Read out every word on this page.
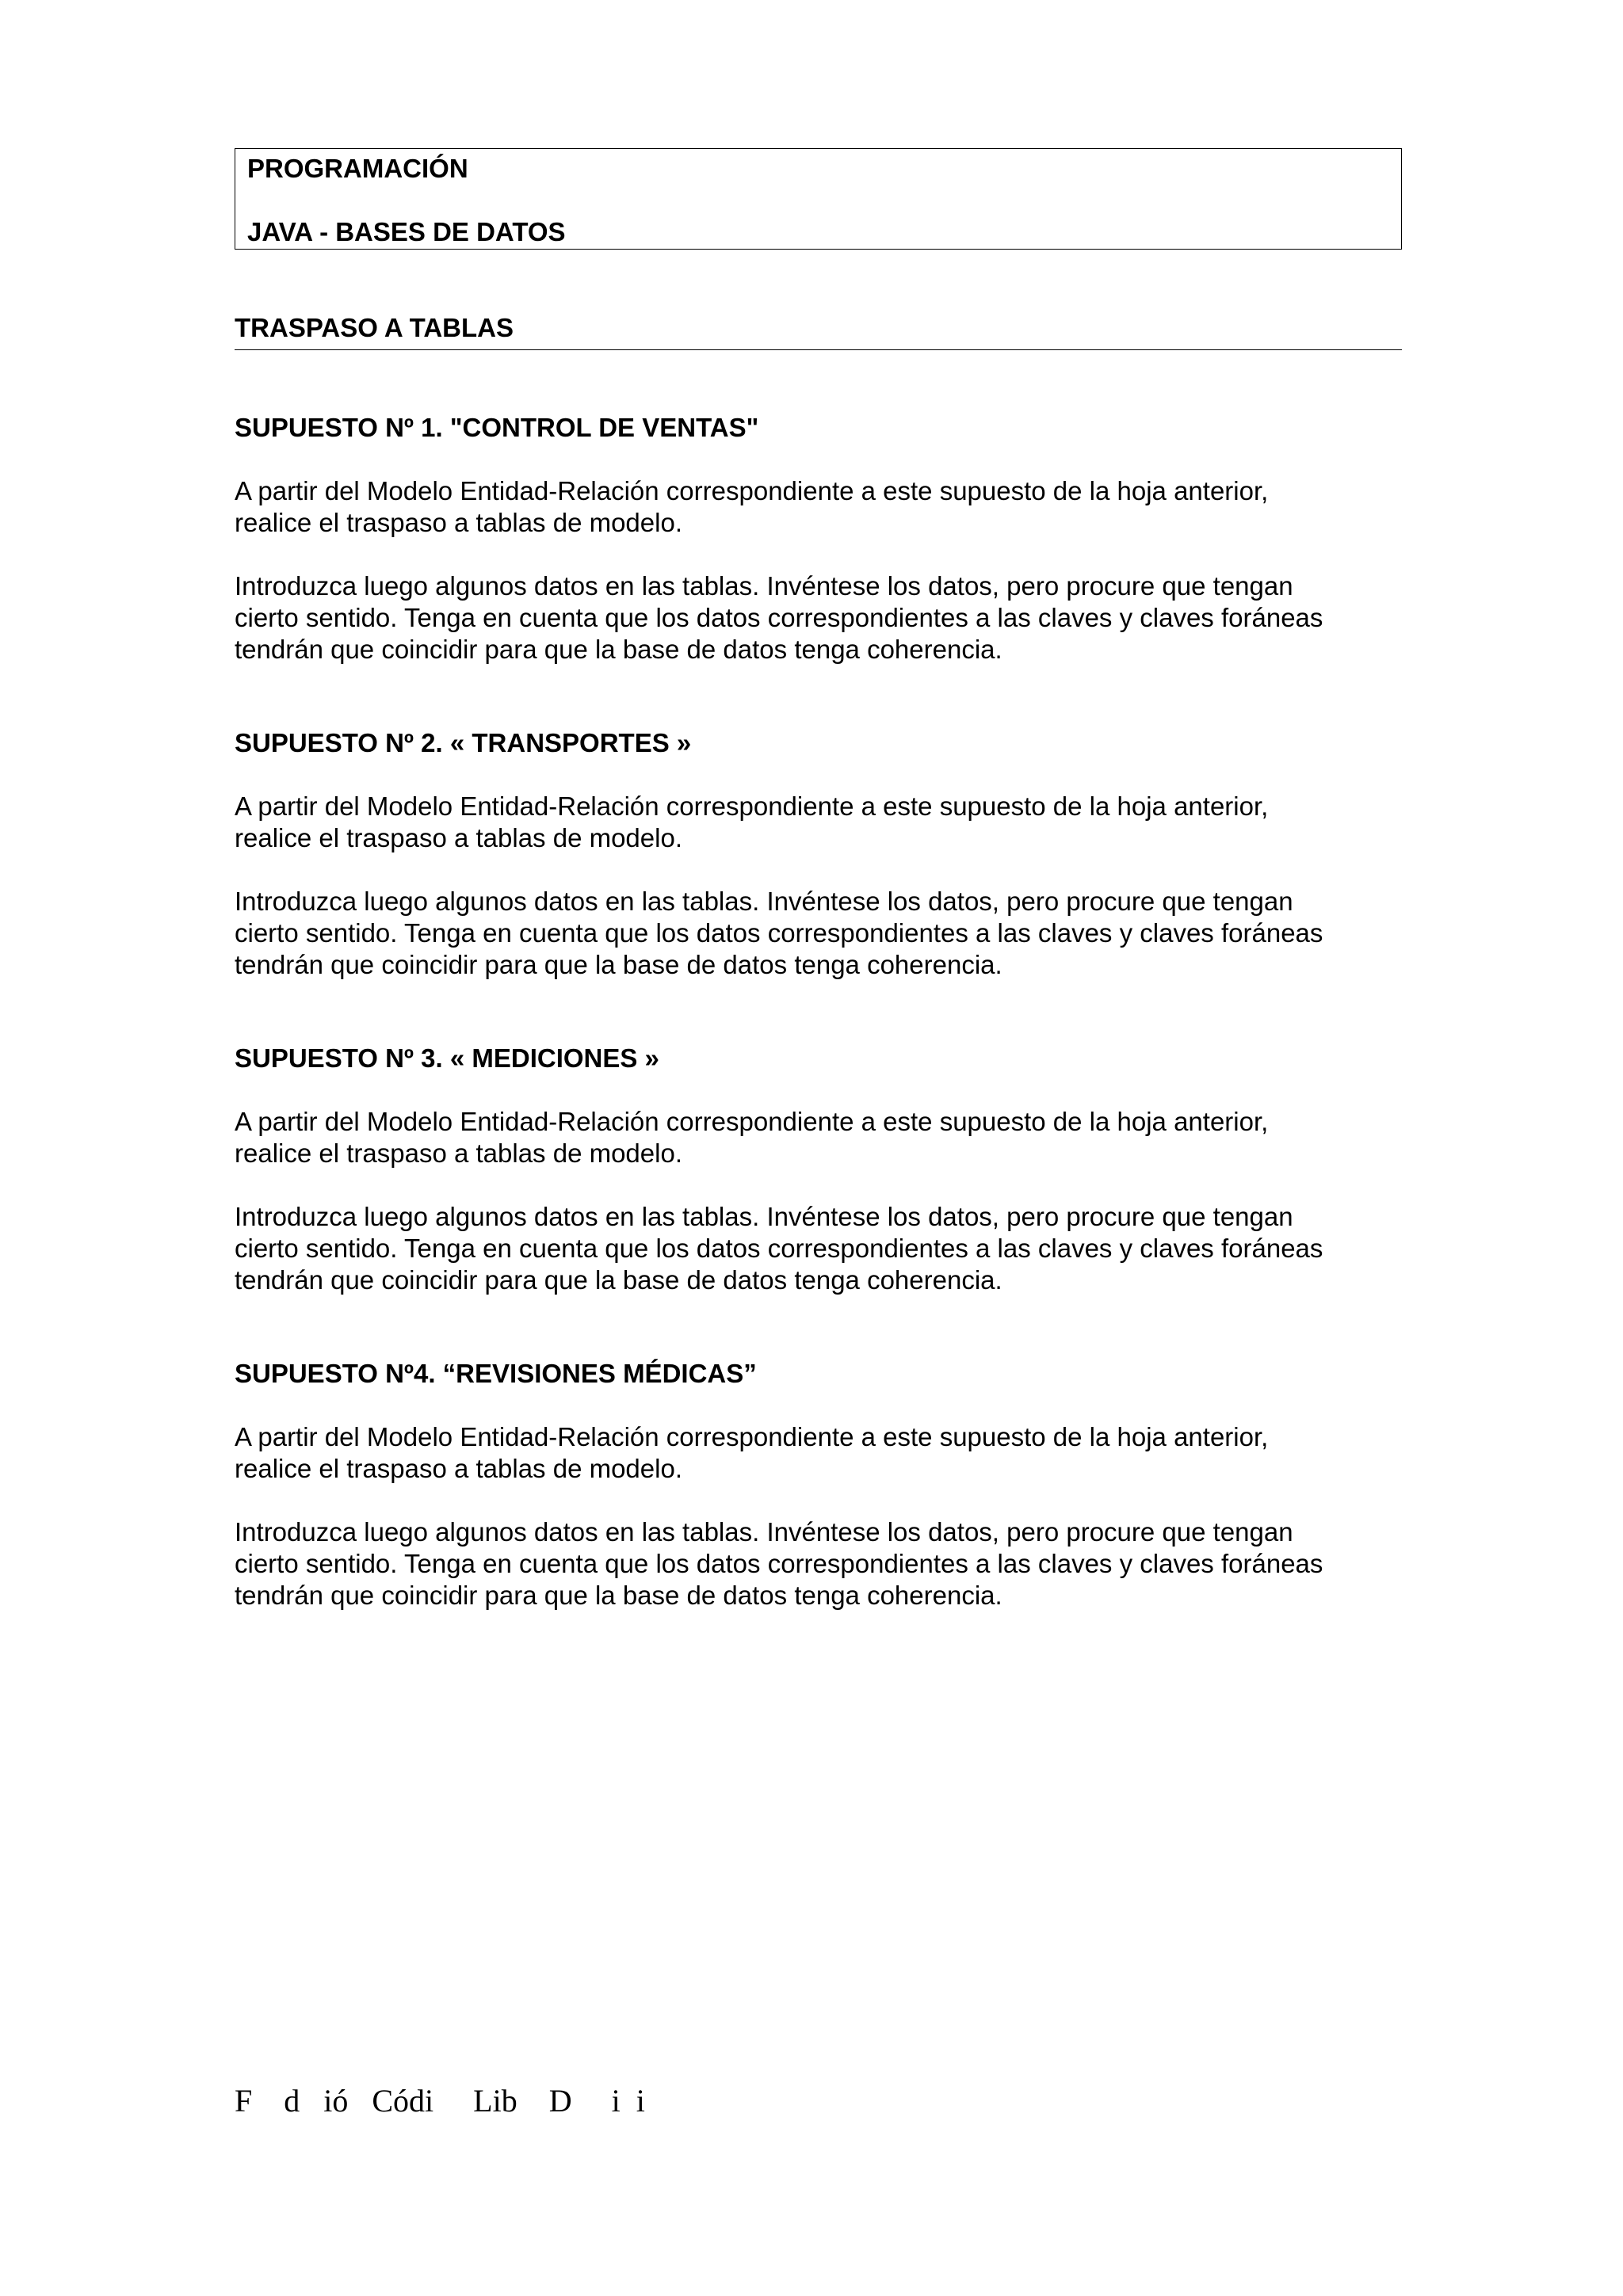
PROGRAMACIÓN
JAVA - BASES DE DATOS
TRASPASO A TABLAS
SUPUESTO Nº 1. "CONTROL DE VENTAS"
A partir del Modelo Entidad-Relación correspondiente a este supuesto de la hoja anterior,
realice el traspaso a tablas de modelo.
Introduzca luego algunos datos en las tablas. Invéntese los datos, pero procure que tengan
cierto sentido. Tenga en cuenta que los datos correspondientes a las claves y claves foráneas
tendrán que coincidir para que la base de datos tenga coherencia.
SUPUESTO Nº 2. « TRANSPORTES »
A partir del Modelo Entidad-Relación correspondiente a este supuesto de la hoja anterior,
realice el traspaso a tablas de modelo.
Introduzca luego algunos datos en las tablas. Invéntese los datos, pero procure que tengan
cierto sentido. Tenga en cuenta que los datos correspondientes a las claves y claves foráneas
tendrán que coincidir para que la base de datos tenga coherencia.
SUPUESTO Nº 3. « MEDICIONES »
A partir del Modelo Entidad-Relación correspondiente a este supuesto de la hoja anterior,
realice el traspaso a tablas de modelo.
Introduzca luego algunos datos en las tablas. Invéntese los datos, pero procure que tengan
cierto sentido. Tenga en cuenta que los datos correspondientes a las claves y claves foráneas
tendrán que coincidir para que la base de datos tenga coherencia.
SUPUESTO Nº4. “REVISIONES MÉDICAS”
A partir del Modelo Entidad-Relación correspondiente a este supuesto de la hoja anterior,
realice el traspaso a tablas de modelo.
Introduzca luego algunos datos en las tablas. Invéntese los datos, pero procure que tengan
cierto sentido. Tenga en cuenta que los datos correspondientes a las claves y claves foráneas
tendrán que coincidir para que la base de datos tenga coherencia.
F    d   ió   Códi     Lib    D     i  i
